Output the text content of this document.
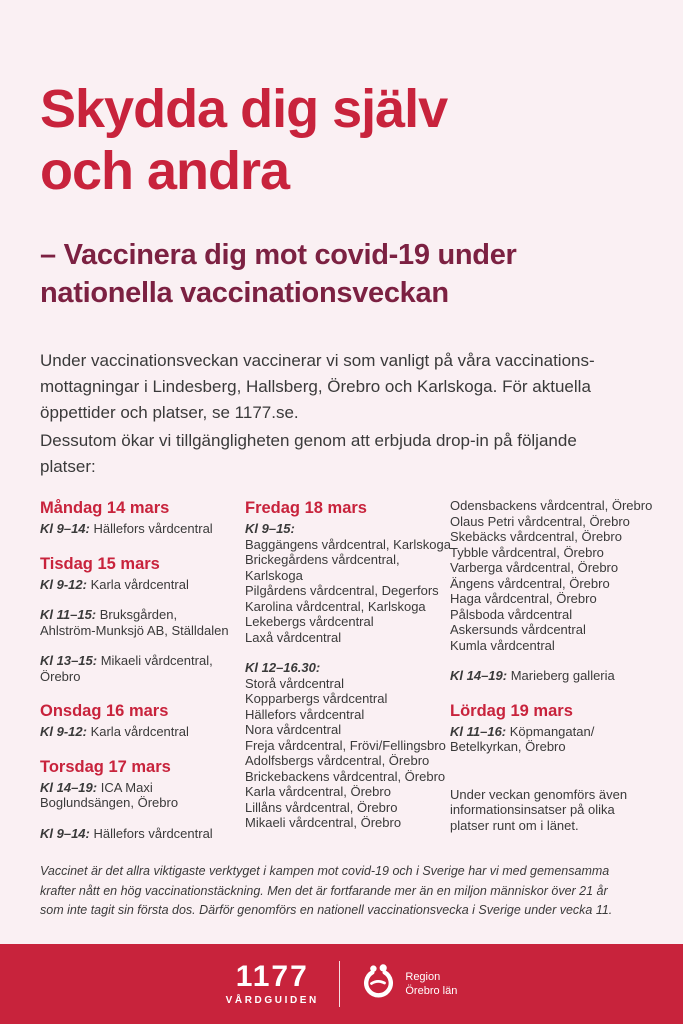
Skydda dig själv
och andra
– Vaccinera dig mot covid-19 under
nationella vaccinationsveckan
Under vaccinationsveckan vaccinerar vi som vanligt på våra vaccinations-
mottagningar i Lindesberg, Hallsberg, Örebro och Karlskoga. För aktuella
öppettider och platser, se 1177.se.
Dessutom ökar vi tillgängligheten genom att erbjuda drop-in på följande
platser:
Måndag 14 mars
Kl 9–14: Hällefors vårdcentral
Tisdag 15 mars
Kl 9-12: Karla vårdcentral
Kl 11–15: Bruksgården, Ahlström-Munksjö AB, Ställdalen
Kl 13–15: Mikaeli vårdcentral, Örebro
Onsdag 16 mars
Kl 9-12: Karla vårdcentral
Torsdag 17 mars
Kl 14–19: ICA Maxi Boglundsängen, Örebro
Kl 9–14: Hällefors vårdcentral
Fredag 18 mars
Kl 9–15:
Baggängens vårdcentral, Karlskoga
Brickegårdens vårdcentral,
Karlskoga
Pilgårdens vårdcentral, Degerfors
Karolina vårdcentral, Karlskoga
Lekebergs vårdcentral
Laxå vårdcentral
Kl 12–16.30:
Storå vårdcentral
Kopparbergs vårdcentral
Hällefors vårdcentral
Nora vårdcentral
Freja vårdcentral, Frövi/Fellingsbro
Adolfsbergs vårdcentral, Örebro
Brickebackens vårdcentral, Örebro
Karla vårdcentral, Örebro
Lillåns vårdcentral, Örebro
Mikaeli vårdcentral, Örebro
Odensbackens vårdcentral, Örebro
Olaus Petri vårdcentral, Örebro
Skebäcks vårdcentral, Örebro
Tybble vårdcentral, Örebro
Varberga vårdcentral, Örebro
Ängens vårdcentral, Örebro
Haga vårdcentral, Örebro
Pålsboda vårdcentral
Askersunds vårdcentral
Kumla vårdcentral
Kl 14–19: Marieberg galleria
Lördag 19 mars
Kl 11–16: Köpmangatan/ Betelkyrkan, Örebro
Under veckan genomförs även informationsinsatser på olika platser runt om i länet.
Vaccinet är det allra viktigaste verktyget i kampen mot covid-19 och i Sverige har vi med gemensamma
krafter nått en hög vaccinationstäckning. Men det är fortfarande mer än en miljon människor över 21 år
som inte tagit sin första dos. Därför genomförs en nationell vaccinationsvecka i Sverige under vecka 11.
1177
VÅRDGUIDEN
Region
Örebro län
